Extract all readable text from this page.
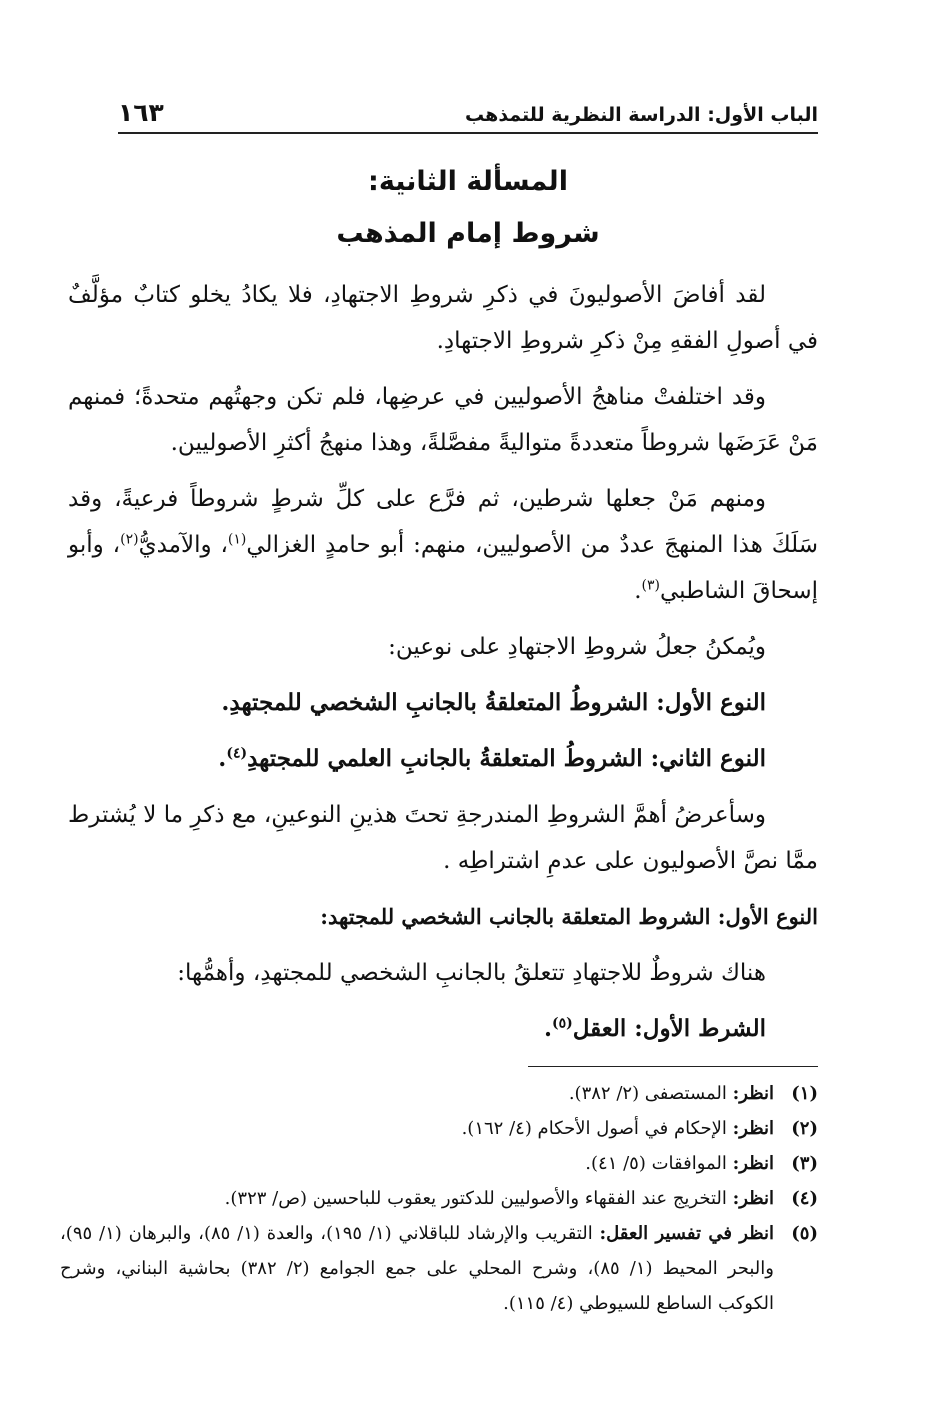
الباب الأول: الدراسة النظرية للتمذهب
١٦٣
المسألة الثانية:
شروط إمام المذهب

لقد أفاضَ الأصوليونَ في ذكرِ شروطِ الاجتهادِ، فلا يكادُ يخلو كتابٌ مؤلَّفٌ في أصولِ الفقهِ مِنْ ذكرِ شروطِ الاجتهادِ.

وقد اختلفتْ مناهجُ الأصوليين في عرضِها، فلم تكن وجهتُهم متحدةً؛ فمنهم مَنْ عَرَضَها شروطاً متعددةً متواليةً مفصَّلةً، وهذا منهجُ أكثرِ الأصوليين.

ومنهم مَنْ جعلها شرطين، ثم فرَّع على كلِّ شرطٍ شروطاً فرعيةً، وقد سَلَكَ هذا المنهجَ عددٌ من الأصوليين، منهم: أبو حامدٍ الغزالي$^{(١)}$، والآمديُّ$^{(٢)}$، وأبو إسحاقَ الشاطبي$^{(٣)}$.

ويُمكنُ جعلُ شروطِ الاجتهادِ على نوعين:

النوع الأول: الشروطُ المتعلقةُ بالجانبِ الشخصي للمجتهدِ.

النوع الثاني: الشروطُ المتعلقةُ بالجانبِ العلمي للمجتهدِ$^{(٤)}$.

وسأعرضُ أهمَّ الشروطِ المندرجةِ تحتَ هذينِ النوعينِ، مع ذكرِ ما لا يُشترط ممَّا نصَّ الأصوليون على عدمِ اشتراطِه .

النوع الأول: الشروط المتعلقة بالجانب الشخصي للمجتهد:

هناك شروطٌ للاجتهادِ تتعلقُ بالجانبِ الشخصي للمجتهدِ، وأهمُّها:

الشرط الأول: العقل$^{(٥)}$.

(١)
انظر: المستصفى (٢/ ٣٨٢).
(٢)
انظر: الإحكام في أصول الأحكام (٤/ ١٦٢).
(٣)
انظر: الموافقات (٥/ ٤١).
(٤)
انظر: التخريج عند الفقهاء والأصوليين للدكتور يعقوب للباحسين (ص/ ٣٢٣).
(٥)
انظر في تفسير العقل: التقريب والإرشاد للباقلاني (١/ ١٩٥)، والعدة (١/ ٨٥)، والبرهان (١/ ٩٥)، والبحر المحيط (١/ ٨٥)، وشرح المحلي على جمع الجوامع (٢/ ٣٨٢) بحاشية البناني، وشرح الكوكب الساطع للسيوطي (٤/ ١١٥).
